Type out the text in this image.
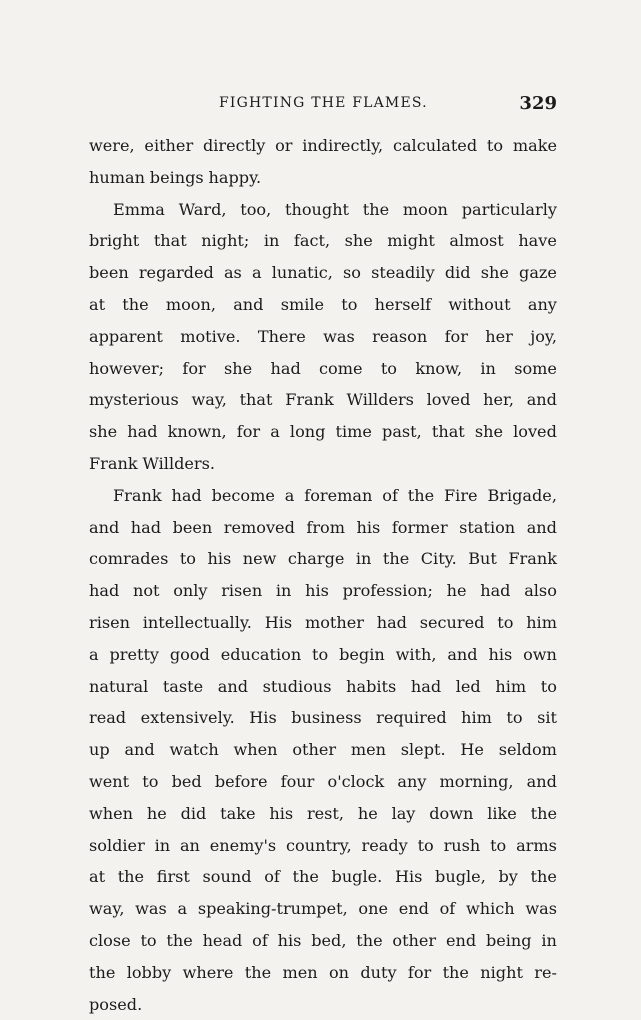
FIGHTING THE FLAMES.	329
were, either directly or indirectly, calculated to make
human beings happy.
Emma Ward, too, thought the moon particularly
bright that night; in fact, she might almost have
been regarded as a lunatic, so steadily did she gaze
at the moon, and smile to herself without any
apparent motive. There was reason for her joy,
however; for she had come to know, in some
mysterious way, that Frank Willders loved her, and
she had known, for a long time past, that she loved
Frank Willders.
Frank had become a foreman of the Fire Brigade,
and had been removed from his former station and
comrades to his new charge in the City. But Frank
had not only risen in his profession; he had also
risen intellectually. His mother had secured to him
a pretty good education to begin with, and his own
natural taste and studious habits had led him to
read extensively. His business required him to sit
up and watch when other men slept. He seldom
went to bed before four o'clock any morning, and
when he did take his rest, he lay down like the
soldier in an enemy's country, ready to rush to arms
at the first sound of the bugle. His bugle, by the
way, was a speaking-trumpet, one end of which was
close to the head of his bed, the other end being in
the lobby where the men on duty for the night re-
posed.
